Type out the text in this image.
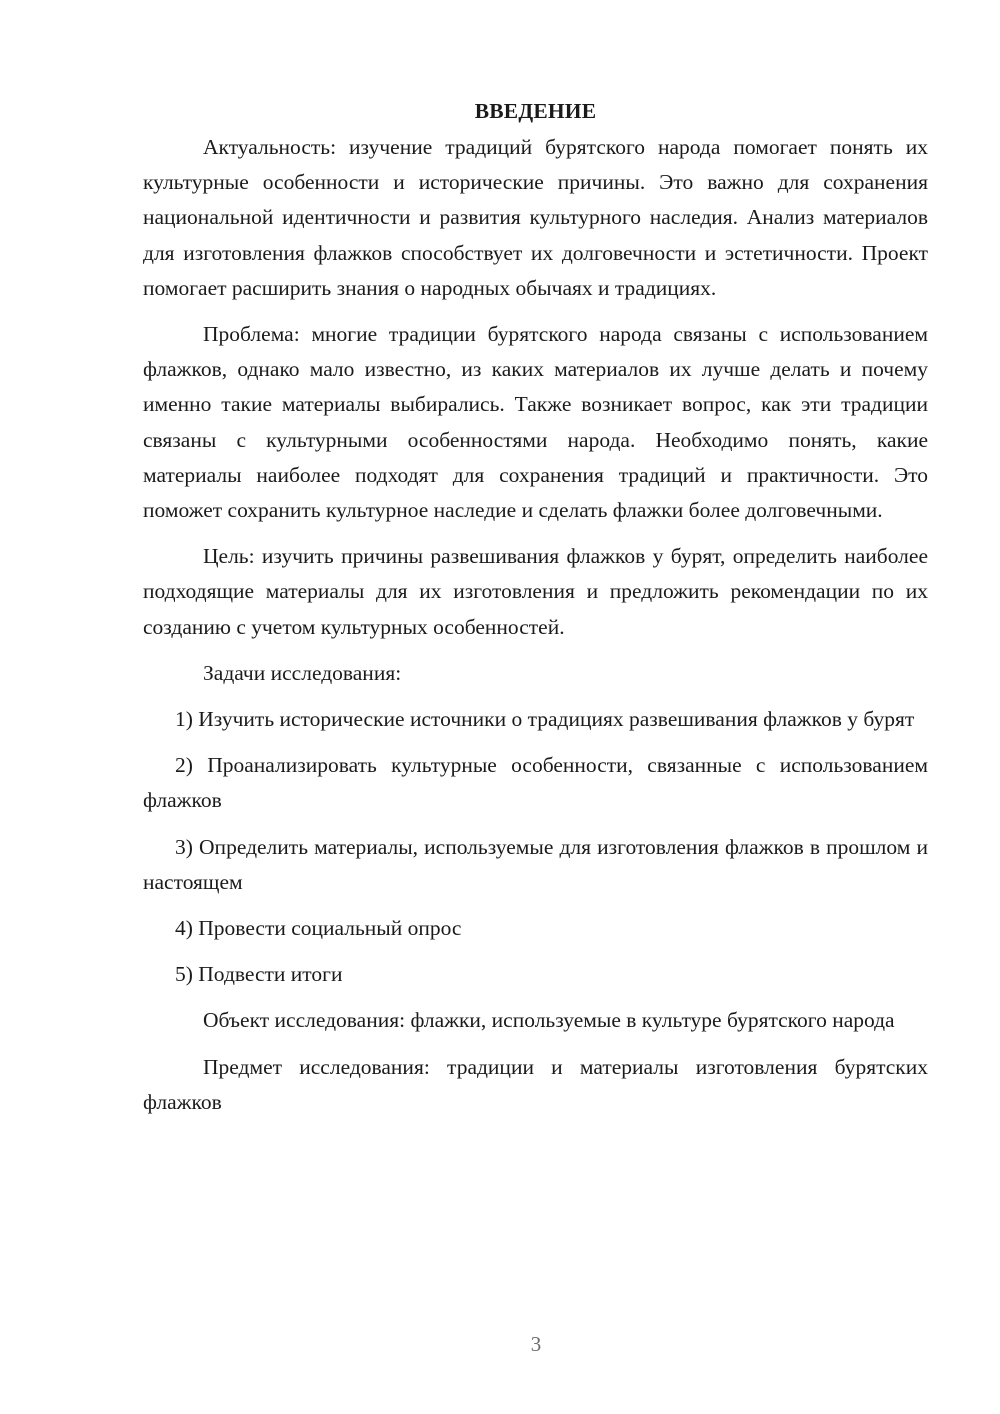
ВВЕДЕНИЕ

Актуальность: изучение традиций бурятского народа помогает понять их культурные особенности и исторические причины. Это важно для сохранения национальной идентичности и развития культурного наследия. Анализ материалов для изготовления флажков способствует их долговечности и эстетичности. Проект помогает расширить знания о народных обычаях и традициях.

Проблема: многие традиции бурятского народа связаны с использованием флажков, однако мало известно, из каких материалов их лучше делать и почему именно такие материалы выбирались. Также возникает вопрос, как эти традиции связаны с культурными особенностями народа. Необходимо понять, какие материалы наиболее подходят для сохранения традиций и практичности. Это поможет сохранить культурное наследие и сделать флажки более долговечными.

Цель: изучить причины развешивания флажков у бурят, определить наиболее подходящие материалы для их изготовления и предложить рекомендации по их созданию с учетом культурных особенностей.

Задачи исследования:

1) Изучить исторические источники о традициях развешивания флажков у бурят

2) Проанализировать культурные особенности, связанные с использованием флажков

3) Определить материалы, используемые для изготовления флажков в прошлом и настоящем

4) Провести социальный опрос

5) Подвести итоги

Объект исследования: флажки, используемые в культуре бурятского народа

Предмет исследования: традиции и материалы изготовления бурятских флажков

3
